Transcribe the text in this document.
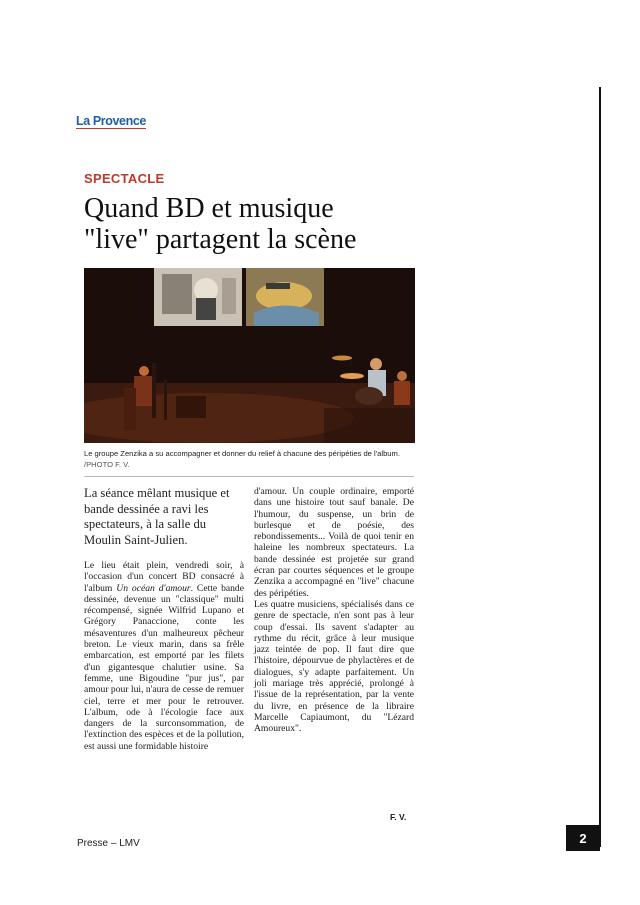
La Provence
SPECTACLE
Quand BD et musique
"live" partagent la scène
Le groupe Zenzika a su accompagner et donner du relief à chacune des péripéties de l'album. /PHOTO F. V.
La séance mêlant musique et bande dessinée a ravi les spectateurs, à la salle du Moulin Saint-Julien.

Le lieu était plein, vendredi soir, à l'occasion d'un concert BD consacré à l'album Un océan d'amour. Cette bande dessinée, devenue un "classique" multi récompensé, signée Wilfrid Lupano et Grégory Panaccione, conte les mésaventures d'un malheureux pêcheur breton. Le vieux marin, dans sa frêle embarcation, est emporté par les filets d'un gigantesque chalutier usine. Sa femme, une Bigoudine "pur jus", par amour pour lui, n'aura de cesse de remuer ciel, terre et mer pour le retrouver. L'album, ode à l'écologie face aux dangers de la surconsommation, de l'extinction des espèces et de la pollution, est aussi une formidable histoire

d'amour. Un couple ordinaire, emporté dans une histoire tout sauf banale. De l'humour, du suspense, un brin de burlesque et de poésie, des rebondissements... Voilà de quoi tenir en haleine les nombreux spectateurs. La bande dessinée est projetée sur grand écran par courtes séquences et le groupe Zenzika a accompagné en "live" chacune des péripéties.

Les quatre musiciens, spécialisés dans ce genre de spectacle, n'en sont pas à leur coup d'essai. Ils savent s'adapter au rythme du récit, grâce à leur musique jazz teintée de pop. Il faut dire que l'histoire, dépourvue de phylactères et de dialogues, s'y adapte parfaitement. Un joli mariage très apprécié, prolongé à l'issue de la représentation, par la vente du livre, en présence de la libraire Marcelle Capiaumont, du "Lézard Amoureux".

F. V.
Presse – LMV	2
